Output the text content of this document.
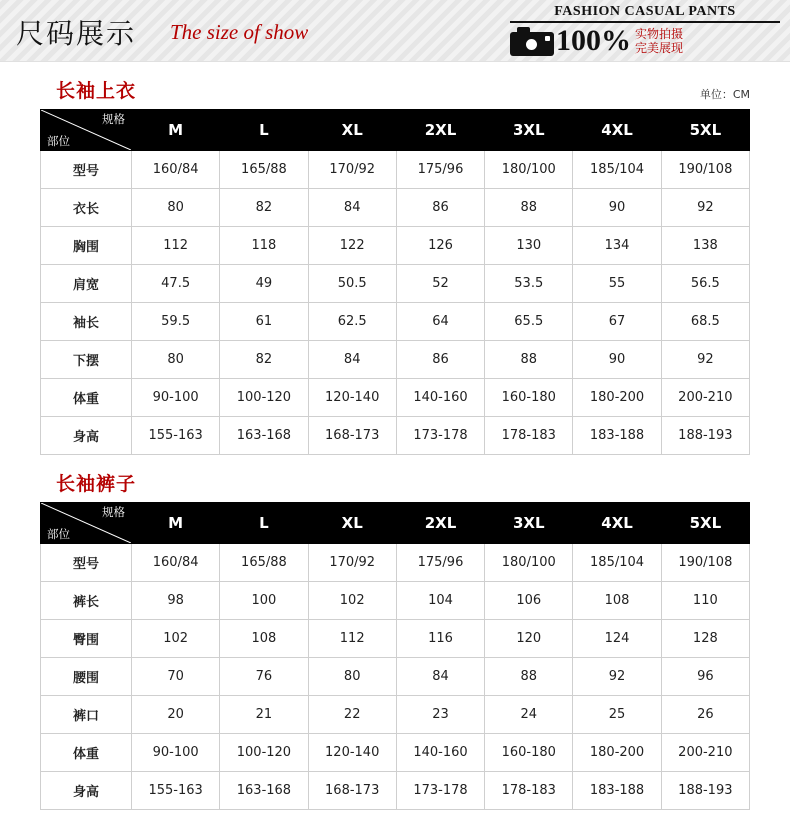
尺码展示 The size of show
FASHION CASUAL PANTS
100% 实物拍摄
完美展现
长袖上衣	单位：CM
规格
部位	M	L	XL	2XL	3XL	4XL	5XL
型号	160/84	165/88	170/92	175/96	180/100	185/104	190/108
衣长	80	82	84	86	88	90	92
胸围	112	118	122	126	130	134	138
肩宽	47.5	49	50.5	52	53.5	55	56.5
袖长	59.5	61	62.5	64	65.5	67	68.5
下摆	80	82	84	86	88	90	92
体重	90-100	100-120	120-140	140-160	160-180	180-200	200-210
身高	155-163	163-168	168-173	173-178	178-183	183-188	188-193
长袖裤子
规格
部位	M	L	XL	2XL	3XL	4XL	5XL
型号	160/84	165/88	170/92	175/96	180/100	185/104	190/108
裤长	98	100	102	104	106	108	110
臀围	102	108	112	116	120	124	128
腰围	70	76	80	84	88	92	96
裤口	20	21	22	23	24	25	26
体重	90-100	100-120	120-140	140-160	160-180	180-200	200-210
身高	155-163	163-168	168-173	173-178	178-183	183-188	188-193
